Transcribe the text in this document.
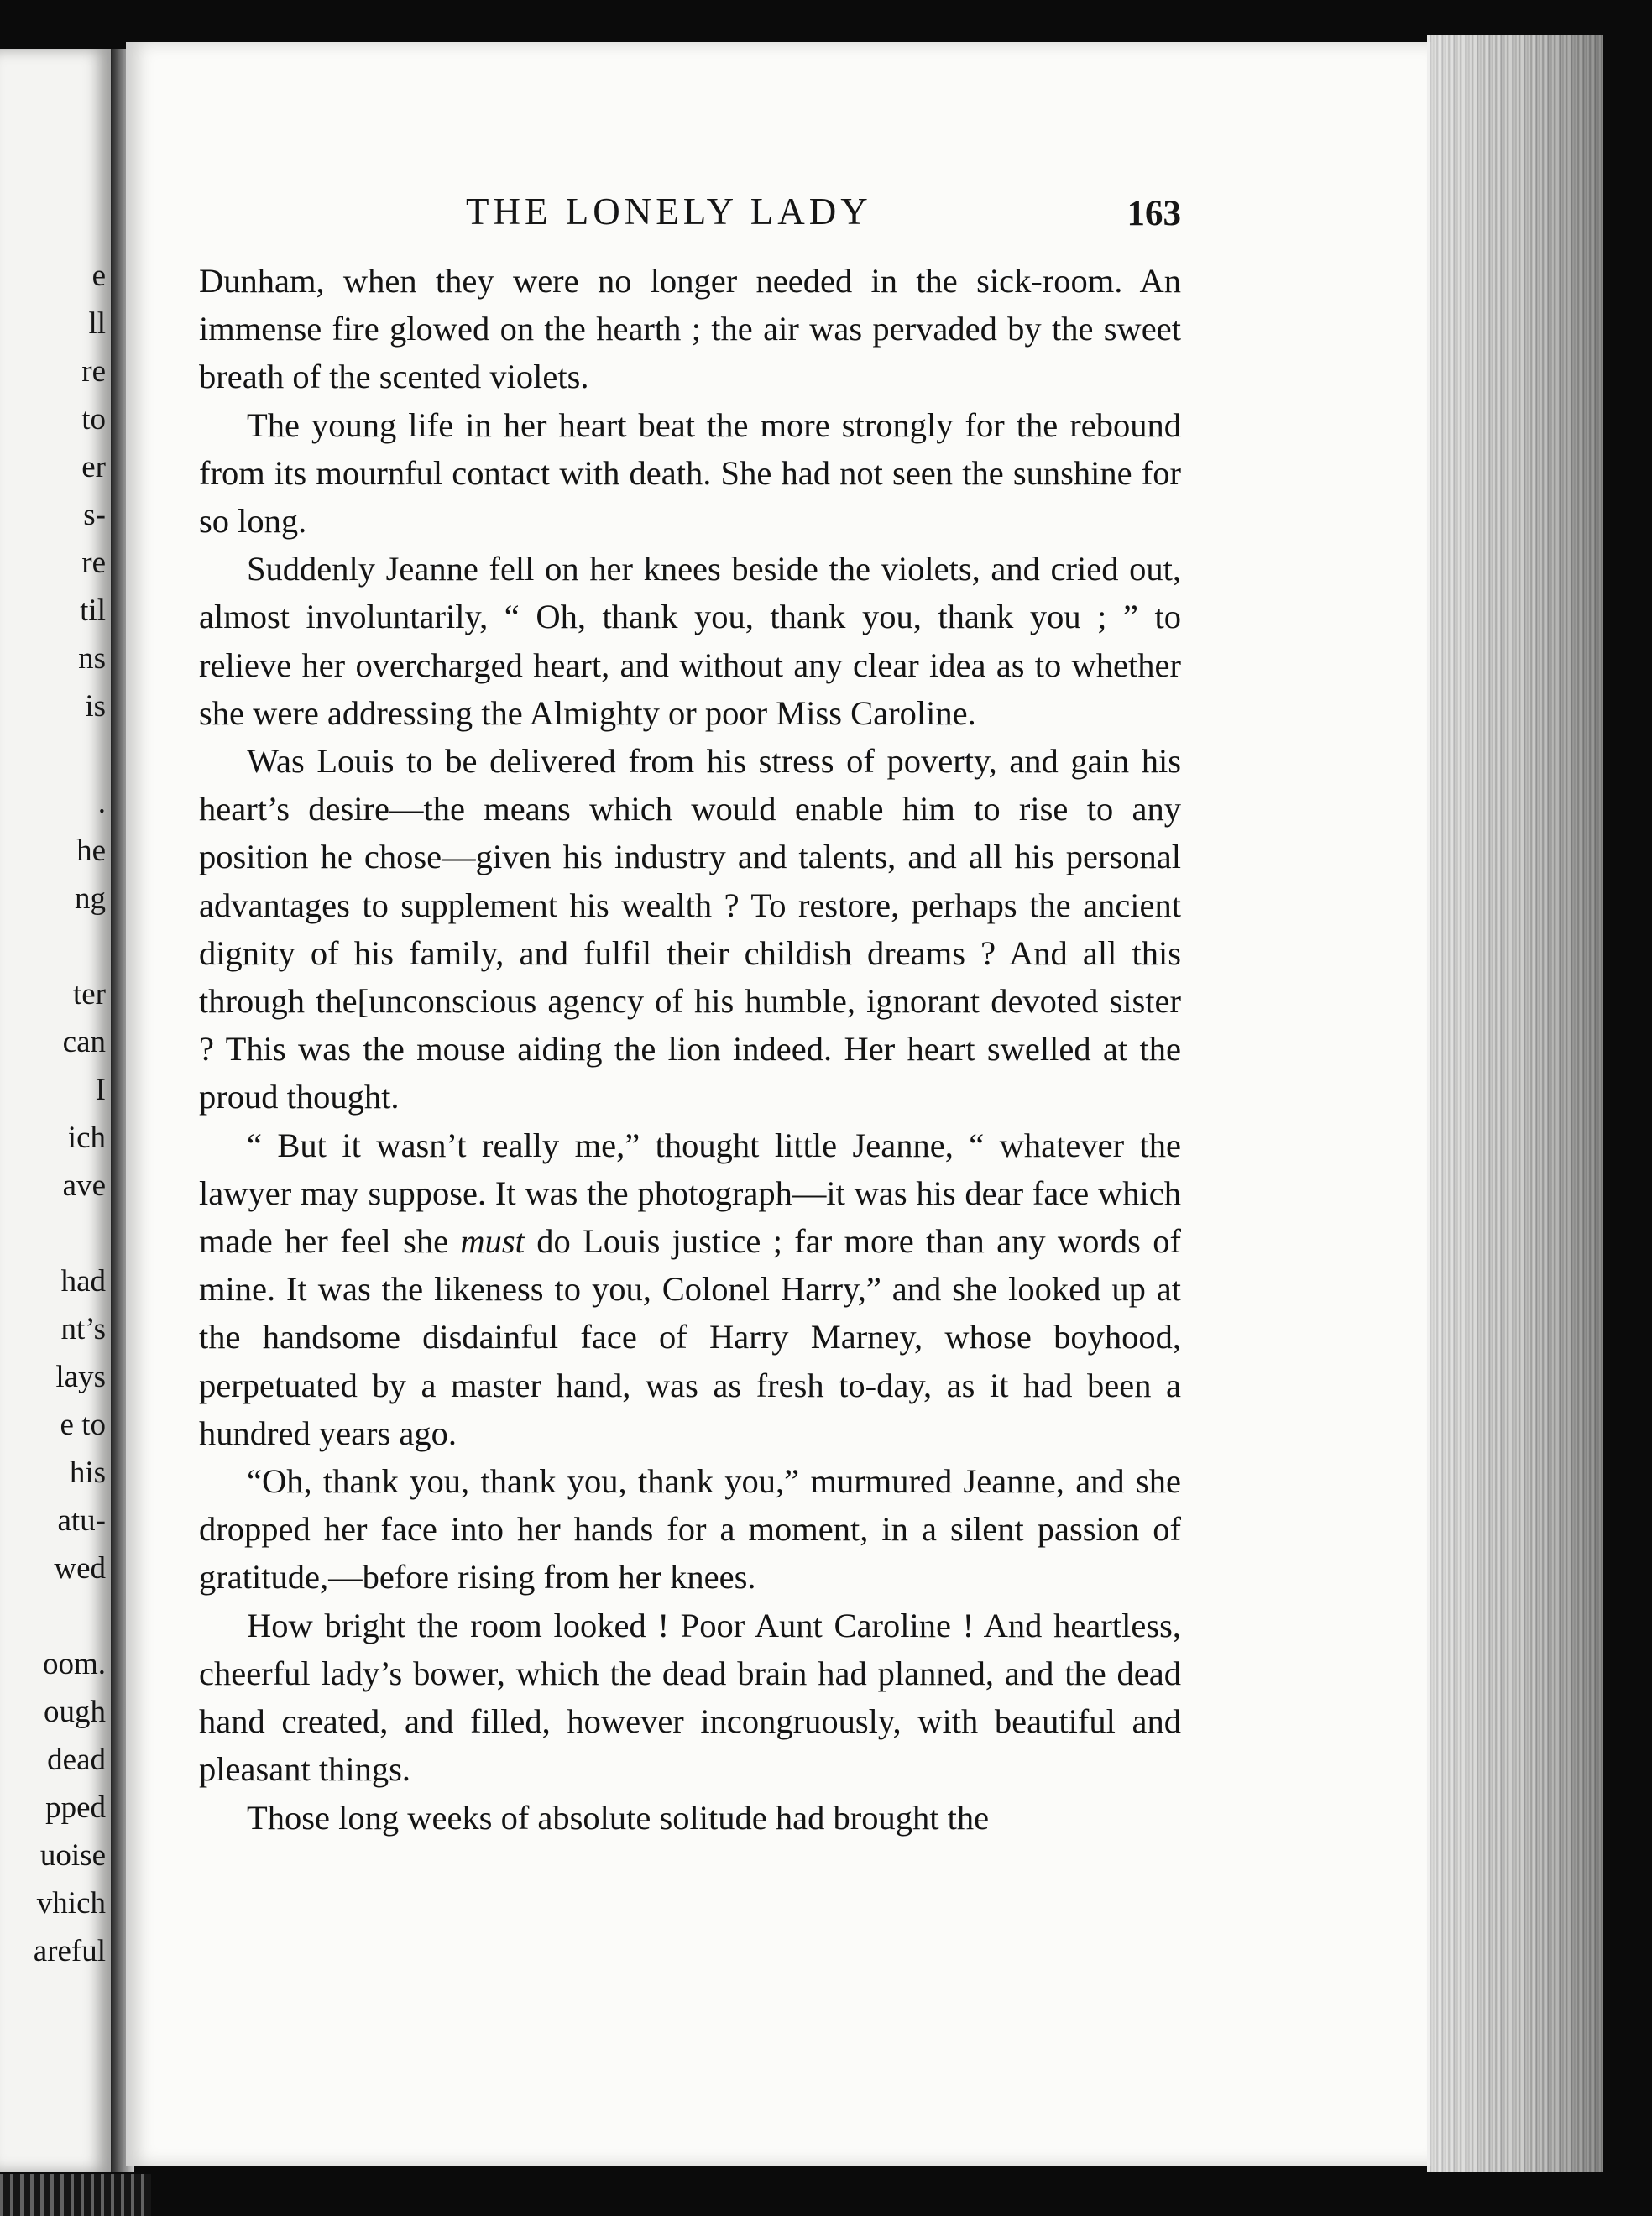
e
ll
re
to
er
s-
re
til
ns
is
.
he
ng
ter
can
I
ich
ave
had
nt’s
lays
e to
his
atu-
wed
oom.
ough
dead
pped
uoise
vhich
areful
THE LONELY LADY	163

Dunham, when they were no longer needed in the sick-room. An immense fire glowed on the hearth ; the air was pervaded by the sweet breath of the scented violets.

The young life in her heart beat the more strongly for the rebound from its mournful contact with death. She had not seen the sunshine for so long.

Suddenly Jeanne fell on her knees beside the violets, and cried out, almost involuntarily, “ Oh, thank you, thank you, thank you ; ” to relieve her overcharged heart, and without any clear idea as to whether she were addressing the Almighty or poor Miss Caroline.

Was Louis to be delivered from his stress of poverty, and gain his heart’s desire—the means which would enable him to rise to any position he chose—given his industry and talents, and all his personal advantages to supplement his wealth ? To restore, perhaps the ancient dignity of his family, and fulfil their childish dreams ? And all this through the[unconscious agency of his humble, ignorant devoted sister ? This was the mouse aiding the lion indeed. Her heart swelled at the proud thought.

“ But it wasn’t really me,” thought little Jeanne, “ whatever the lawyer may suppose. It was the photograph—it was his dear face which made her feel she must do Louis justice ; far more than any words of mine. It was the likeness to you, Colonel Harry,” and she looked up at the handsome disdainful face of Harry Marney, whose boyhood, perpetuated by a master hand, was as fresh to-day, as it had been a hundred years ago.

“Oh, thank you, thank you, thank you,” murmured Jeanne, and she dropped her face into her hands for a moment, in a silent passion of gratitude,—before rising from her knees.

How bright the room looked ! Poor Aunt Caroline ! And heartless, cheerful lady’s bower, which the dead brain had planned, and the dead hand created, and filled, however incongruously, with beautiful and pleasant things.

Those long weeks of absolute solitude had brought the
